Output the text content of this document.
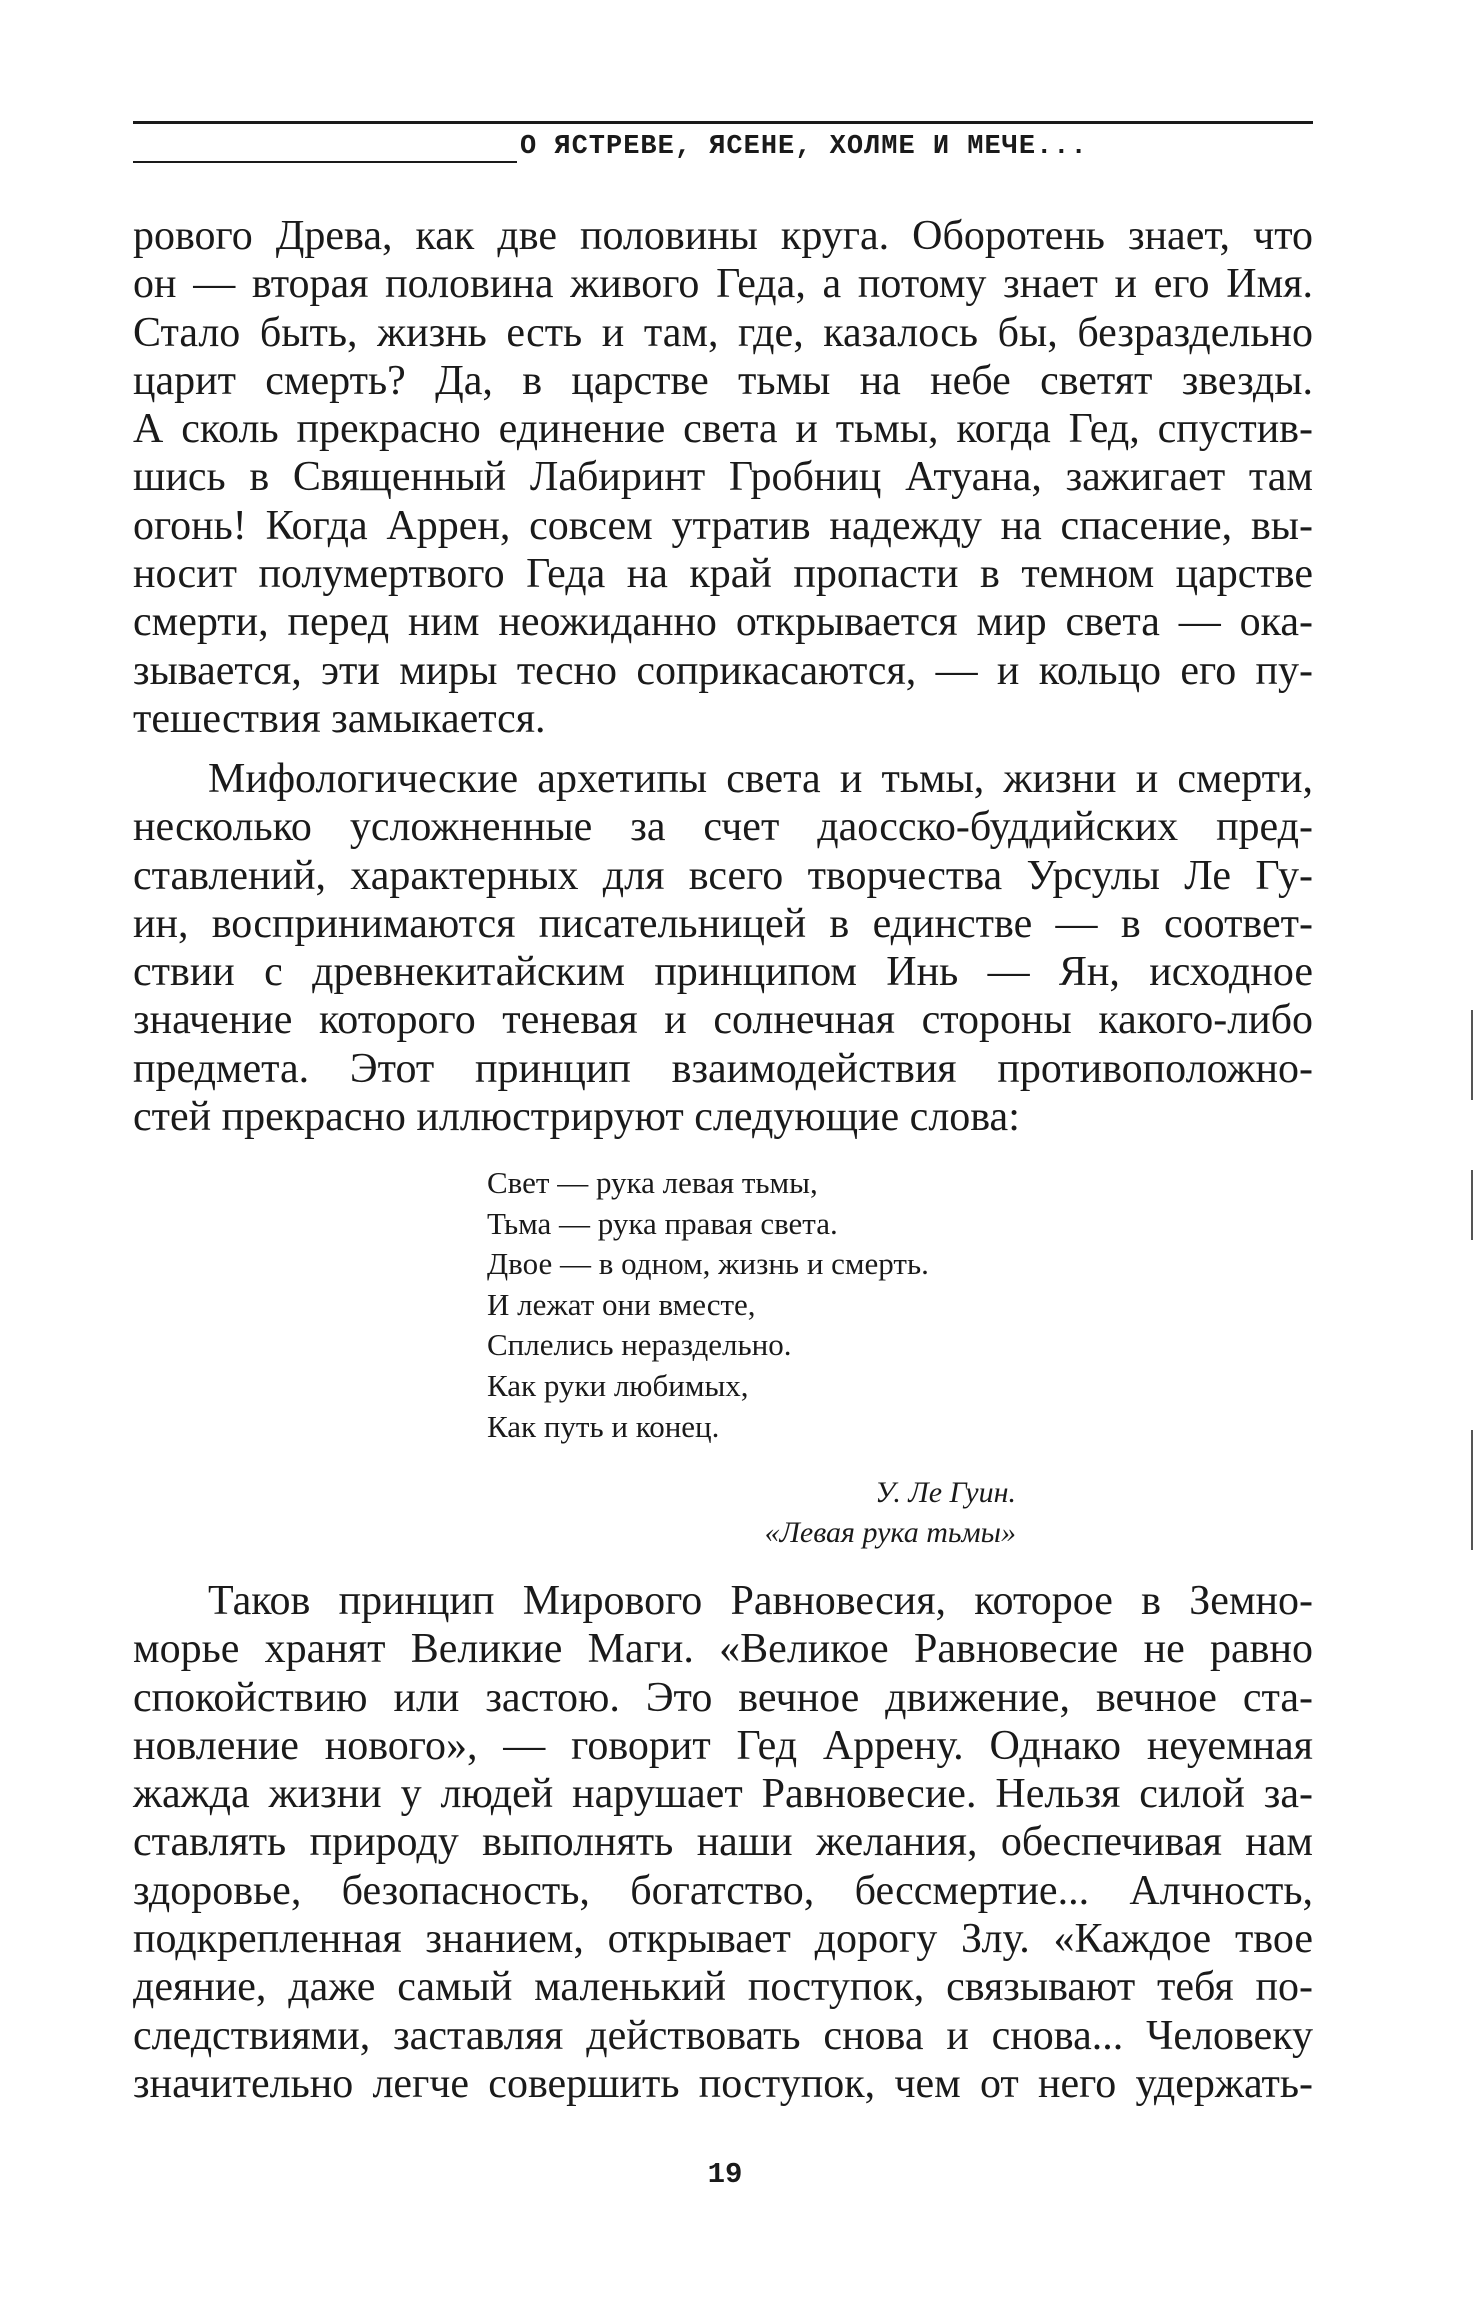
О ЯСТРЕВЕ, ЯСЕНЕ, ХОЛМЕ И МЕЧЕ...
рового Древа, как две половины круга. Оборотень знает, что
он — вторая половина живого Геда, а потому знает и его Имя.
Стало быть, жизнь есть и там, где, казалось бы, безраздельно
царит смерть? Да, в царстве тьмы на небе светят звезды.
А сколь прекрасно единение света и тьмы, когда Гед, спустив-
шись в Священный Лабиринт Гробниц Атуана, зажигает там
огонь! Когда Аррен, совсем утратив надежду на спасение, вы-
носит полумертвого Геда на край пропасти в темном царстве
смерти, перед ним неожиданно открывается мир света — ока-
зывается, эти миры тесно соприкасаются, — и кольцо его пу-
тешествия замыкается.
Мифологические архетипы света и тьмы, жизни и смерти,
несколько усложненные за счет даосско-буддийских пред-
ставлений, характерных для всего творчества Урсулы Ле Гу-
ин, воспринимаются писательницей в единстве — в соответ-
ствии с древнекитайским принципом Инь — Ян, исходное
значение которого теневая и солнечная стороны какого-либо
предмета. Этот принцип взаимодействия противоположно-
стей прекрасно иллюстрируют следующие слова:
Свет — рука левая тьмы,
Тьма — рука правая света.
Двое — в одном, жизнь и смерть.
И лежат они вместе,
Сплелись нераздельно.
Как руки любимых,
Как путь и конец.
У. Ле Гуин.
«Левая рука тьмы»
Таков принцип Мирового Равновесия, которое в Земно-
морье хранят Великие Маги. «Великое Равновесие не равно
спокойствию или застою. Это вечное движение, вечное ста-
новление нового», — говорит Гед Аррену. Однако неуемная
жажда жизни у людей нарушает Равновесие. Нельзя силой за-
ставлять природу выполнять наши желания, обеспечивая нам
здоровье, безопасность, богатство, бессмертие... Алчность,
подкрепленная знанием, открывает дорогу Злу. «Каждое твое
деяние, даже самый маленький поступок, связывают тебя по-
следствиями, заставляя действовать снова и снова... Человеку
значительно легче совершить поступок, чем от него удержать-
19
